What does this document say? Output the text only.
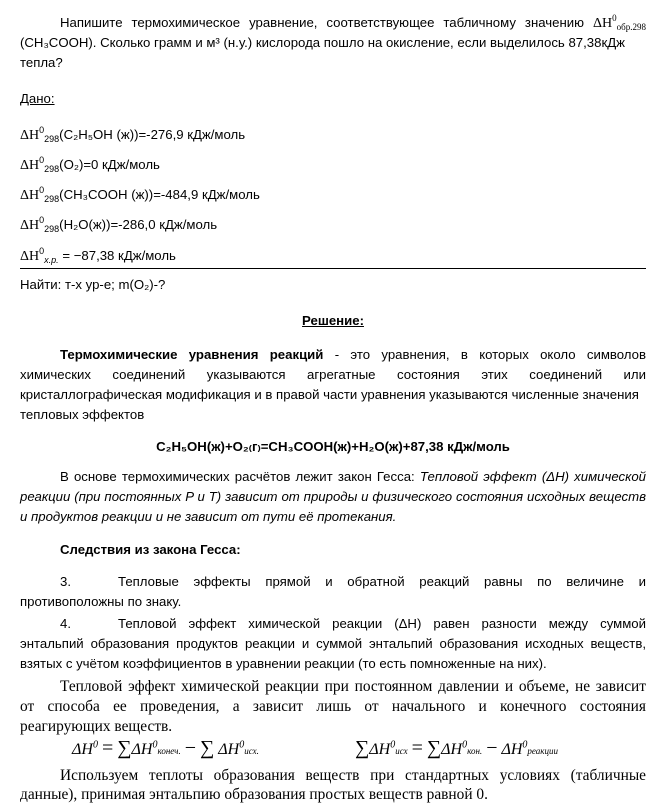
Напишите термохимическое уравнение, соответствующее табличному значению $\Delta H^0_{обр.298}$
(CH₃COOH). Сколько грамм и м³ (н.у.) кислорода пошло на окисление, если выделилось 87,38кДж
тепла?
Дано:
$\Delta H^0_{298}(C_2H_5OH$ (ж))=-276,9 кДж/моль
$\Delta H^0_{298}(O_2)=0$ кДж/моль
$\Delta H^0_{298}(CH_3COOH$ (ж))=-484,9 кДж/моль
$\Delta H^0_{298}(H_2O(ж))=-286,0$ кДж/моль
$\Delta H^0_{х.р.} = -87,38$ кДж/моль
Найти: т-х ур-е; m(O₂)-?
Решение:
Термохимические уравнения реакций - это уравнения, в которых около символов
химических соединений указываются агрегатные состояния этих соединений или
кристаллографическая модификация и в правой части уравнения указываются численные значения
тепловых эффектов
C₂H₅OH(ж)+O₂₍г₎=CH₃COOH(ж)+H₂O(ж)+87,38 кДж/моль
В основе термохимических расчётов лежит закон Гесса: Тепловой эффект (ΔH) химической
реакции (при постоянных P и T) зависит от природы и физического состояния исходных веществ
и продуктов реакции и не зависит от пути её протекания.
Следствия из закона Гесса:
3.	Тепловые эффекты прямой и обратной реакций равны по величине и
противоположны по знаку.
4.	Тепловой эффект химической реакции (ΔH) равен разности между суммой
энтальпий образования продуктов реакции и суммой энтальпий образования исходных веществ,
взятых с учётом коэффициентов в уравнении реакции (то есть помноженные на них).
Тепловой эффект химической реакции при постоянном давлении и объеме, не зависит
от способа ее проведения, а зависит лишь от начального и конечного состояния
реагирующих веществ.
$\Delta H^0$ = $\sum\Delta H^0конеч$. − ∑ $\Delta H^0исх$.	$\sum\Delta H^0исх = \sum\Delta H^0кон$. − $\Delta H^0реакции$
Используем теплоты образования веществ при стандартных условиях (табличные
данные), принимая энтальпию образования простых веществ равной 0.
